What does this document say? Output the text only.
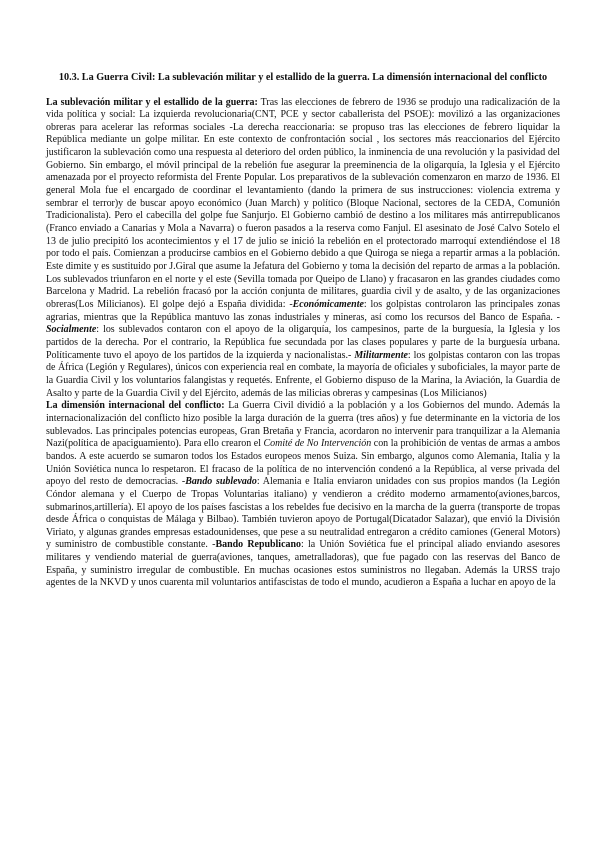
10.3. La Guerra Civil: La sublevación militar y el estallido de la guerra. La dimensión internacional del conflicto

La sublevación militar y el estallido de la guerra: Tras las elecciones de febrero de 1936 se produjo una radicalización de la vida política y social: La izquierda revolucionaria(CNT, PCE y sector caballerista del PSOE): movilizó a las organizaciones obreras para acelerar las reformas sociales -La derecha reaccionaria: se propuso tras las elecciones de febrero liquidar la República mediante un golpe militar. En este contexto de confrontación social , los sectores más reaccionarios del Ejército justificaron la sublevación como una respuesta al deterioro del orden público, la inminencia de una revolución y la pasividad del Gobierno. Sin embargo, el móvil principal de la rebelión fue asegurar la preeminencia de la oligarquía, la Iglesia y el Ejército amenazada por el proyecto reformista del Frente Popular. Los preparativos de la sublevación comenzaron en marzo de 1936. El general Mola fue el encargado de coordinar el levantamiento (dando la primera de sus instrucciones: violencia extrema y sembrar el terror)y de buscar apoyo económico (Juan March) y político (Bloque Nacional, sectores de la CEDA, Comunión Tradicionalista). Pero el cabecilla del golpe fue Sanjurjo. El Gobierno cambió de destino a los militares más antirrepublicanos (Franco enviado a Canarias y Mola a Navarra) o fueron pasados a la reserva como Fanjul. El asesinato de José Calvo Sotelo el 13 de julio precipitó los acontecimientos y el 17 de julio se inició la rebelión en el protectorado marroquí extendiéndose el 18 por todo el país. Comienzan a producirse cambios en el Gobierno debido a que Quiroga se niega a repartir armas a la población. Este dimite y es sustituido por J.Giral que asume la Jefatura del Gobierno y toma la decisión del reparto de armas a la población. Los sublevados triunfaron en el norte y el este (Sevilla tomada por Queipo de Llano) y fracasaron en las grandes ciudades como Barcelona y Madrid. La rebelión fracasó por la acción conjunta de militares, guardia civil y de asalto, y de las organizaciones obreras(Los Milicianos). El golpe dejó a España dividida: -Económicamente: los golpistas controlaron las principales zonas agrarias, mientras que la República mantuvo las zonas industriales y mineras, así como los recursos del Banco de España. -Socialmente: los sublevados contaron con el apoyo de la oligarquía, los campesinos, parte de la burguesía, la Iglesia y los partidos de la derecha. Por el contrario, la República fue secundada por las clases populares y parte de la burguesía urbana. Políticamente tuvo el apoyo de los partidos de la izquierda y nacionalistas.- Militarmente: los golpistas contaron con las tropas de África (Legión y Regulares), únicos con experiencia real en combate, la mayoría de oficiales y suboficiales, la mayor parte de la Guardia Civil y los voluntarios falangistas y requetés. Enfrente, el Gobierno dispuso de la Marina, la Aviación, la Guardia de Asalto y parte de la Guardia Civil y del Ejército, además de las milicias obreras y campesinas (Los Milicianos)

La dimensión internacional del conflicto: La Guerra Civil dividió a la población y a los Gobiernos del mundo. Además la internacionalización del conflicto hizo posible la larga duración de la guerra (tres años) y fue determinante en la victoria de los sublevados. Las principales potencias europeas, Gran Bretaña y Francia, acordaron no intervenir para tranquilizar a la Alemania Nazi(política de apaciguamiento). Para ello crearon el Comité de No Intervención con la prohibición de ventas de armas a ambos bandos. A este acuerdo se sumaron todos los Estados europeos menos Suiza. Sin embargo, algunos como Alemania, Italia y la Unión Soviética nunca lo respetaron. El fracaso de la política de no intervención condenó a la República, al verse privada del apoyo del resto de democracias. -Bando sublevado: Alemania e Italia enviaron unidades con sus propios mandos (la Legión Cóndor alemana y el Cuerpo de Tropas Voluntarias italiano) y vendieron a crédito moderno armamento(aviones,barcos, submarinos,artillería). El apoyo de los países fascistas a los rebeldes fue decisivo en la marcha de la guerra (transporte de tropas desde África o conquistas de Málaga y Bilbao). También tuvieron apoyo de Portugal(Dicatador Salazar), que envió la División Viriato, y algunas grandes empresas estadounidenses, que pese a su neutralidad entregaron a crédito camiones (General Motors) y suministro de combustible constante. -Bando Republicano: la Unión Soviética fue el principal aliado enviando asesores militares y vendiendo material de guerra(aviones, tanques, ametralladoras), que fue pagado con las reservas del Banco de España, y suministro irregular de combustible. En muchas ocasiones estos suministros no llegaban. Además la URSS trajo agentes de la NKVD y unos cuarenta mil voluntarios antifascistas de todo el mundo, acudieron a España a luchar en apoyo de la
